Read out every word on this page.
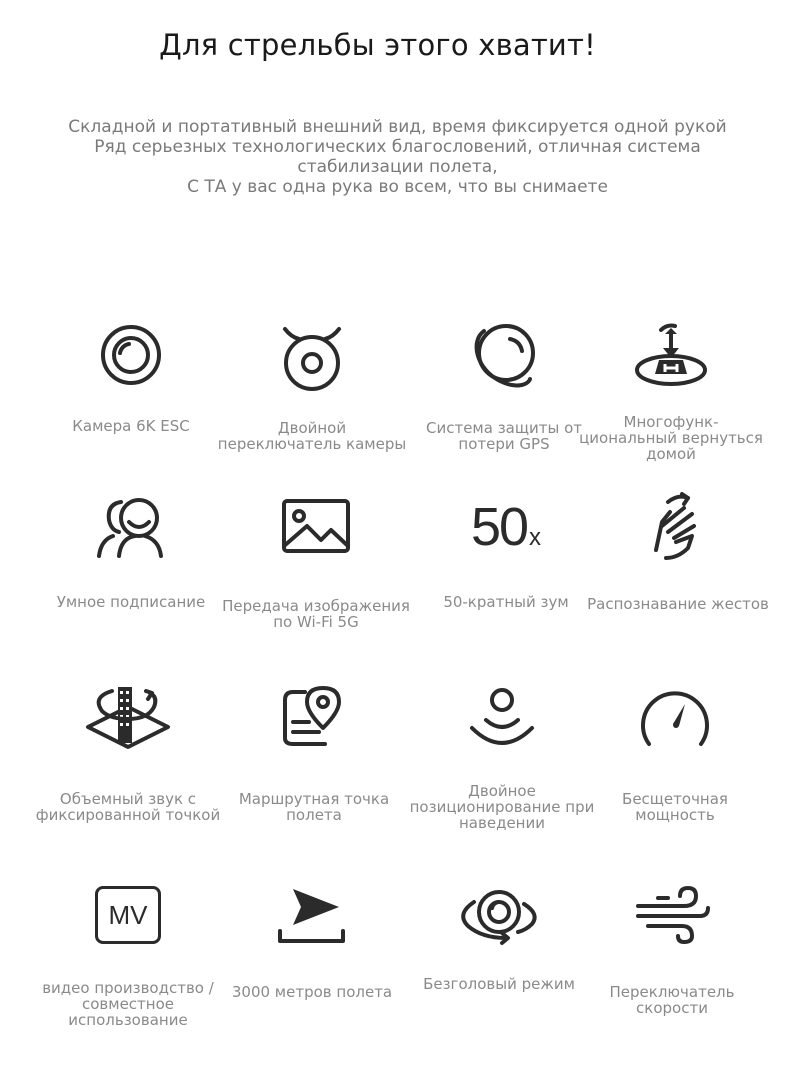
Для стрельбы этого хватит!
Складной и портативный внешний вид, время фиксируется одной рукой
Ряд серьезных технологических благословений, отличная система стабилизации полета,
С ТА у вас одна рука во всем, что вы снимаете
Камера 6K ESC	Двойной переключатель камеры
Система защиты от потери GPS
Многофунк-циональный вернуться домой
Умное подписание	Передача изображения по Wi-Fi 5G
50 x
50-кратный зум	Распознавание жестов
Объемный звук с фиксированной точкой
Маршрутная точка полета
Двойное позиционирование при наведении
Бесщеточная мощность
MV
видео производство / совместное использование
3000 метров полета	Безголовый режим	Переключатель скорости
